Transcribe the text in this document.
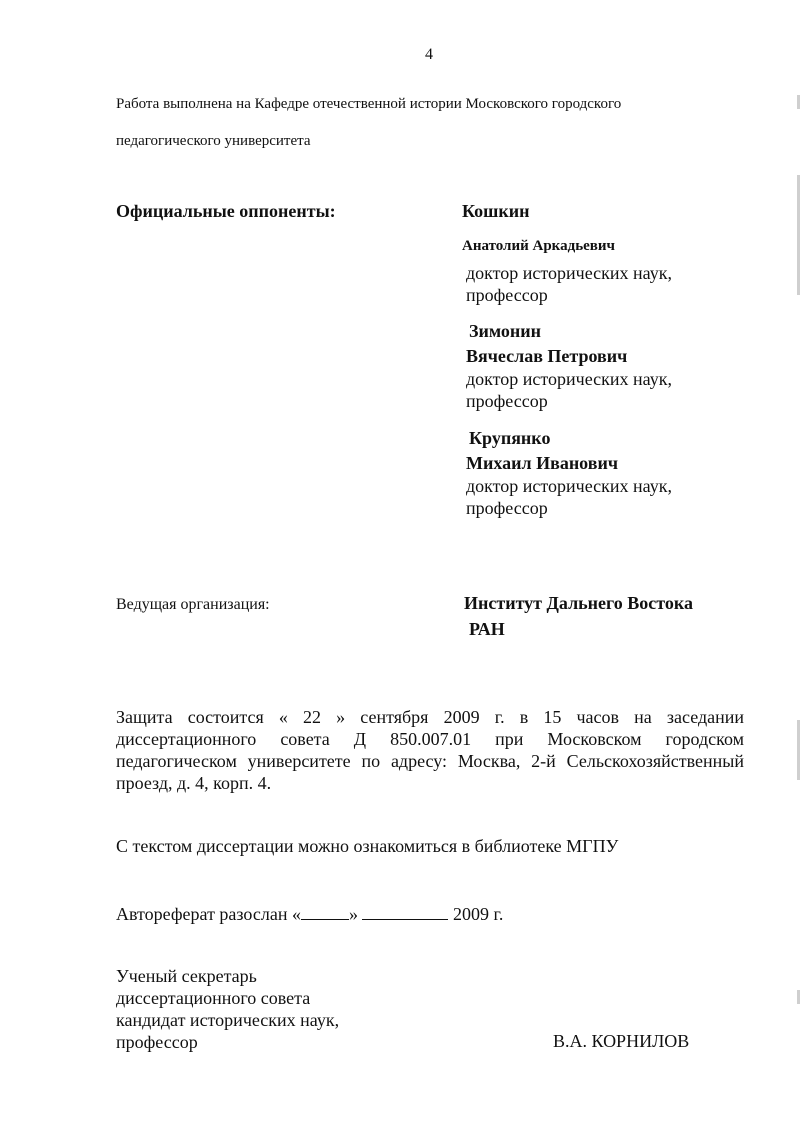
4
Работа выполнена на Кафедре отечественной истории Московского городского
педагогического университета
Официальные оппоненты:	Кошкин
Анатолий Аркадьевич
доктор исторических наук,
профессор
Зимонин
Вячеслав Петрович
доктор исторических наук,
профессор
Крупянко
Михаил Иванович
доктор исторических наук,
профессор
Ведущая организация:	Институт Дальнего Востока
РАН
Защита состоится « 22 » сентября 2009 г. в 15 часов на заседании
диссертационного совета Д 850.007.01 при Московском городском
педагогическом университете по адресу: Москва, 2-й Сельскохозяйственный
проезд, д. 4, корп. 4.
С текстом диссертации можно ознакомиться в библиотеке МГПУ
Автореферат разослан «	»	2009 г.
Ученый секретарь
диссертационного совета
кандидат исторических наук,
профессор	В.А. КОРНИЛОВ
